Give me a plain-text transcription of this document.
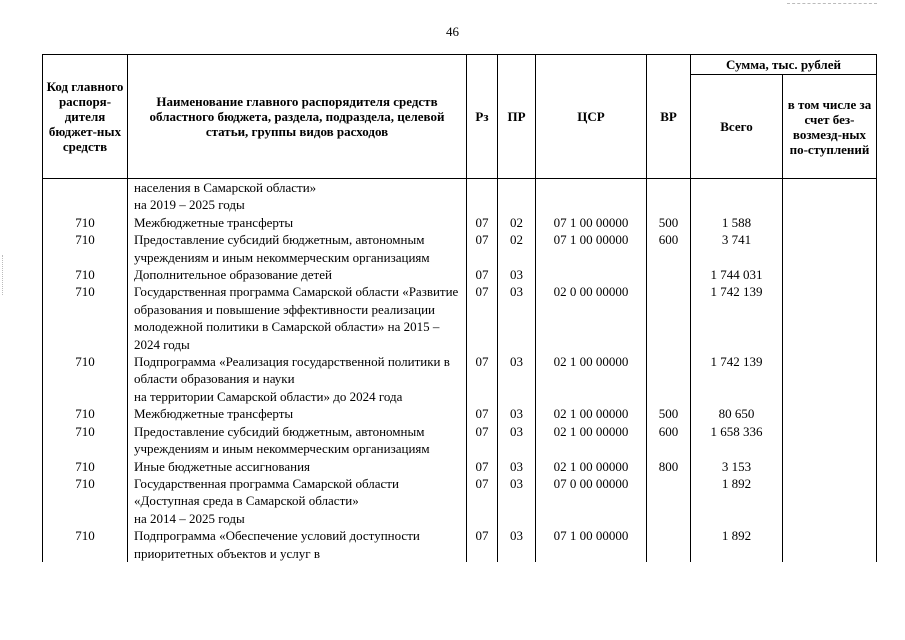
46
Код главного распоря-дителя бюджет-ных средств	Наименование главного распорядителя средств областного бюджета, раздела, подраздела, целевой статьи, группы видов расходов	Рз	ПР	ЦСР	ВР	Сумма, тыс. рублей	
						Всего	в том числе за счет без-возмезд-ных по-ступлений
	населения в Самарской области»
на 2019 – 2025 годы						
710	Межбюджетные трансферты	07	02	07 1 00 00000	500	1 588	
710	Предоставление субсидий бюджетным, автономным учреждениям и иным некоммерческим организациям	07	02	07 1 00 00000	600	3 741	
710	Дополнительное образование детей	07	03			1 744 031	
710	Государственная программа Самарской области «Развитие образования и повышение эффективности реализации молодежной политики в Самарской области» на 2015 – 2024 годы	07	03	02 0 00 00000		1 742 139	
710	Подпрограмма «Реализация государственной политики в области образования и науки
на территории Самарской области» до 2024 года	07	03	02 1 00 00000		1 742 139	
710	Межбюджетные трансферты	07	03	02 1 00 00000	500	80 650	
710	Предоставление субсидий бюджетным, автономным учреждениям и иным некоммерческим организациям	07	03	02 1 00 00000	600	1 658 336	
710	Иные бюджетные ассигнования	07	03	02 1 00 00000	800	3 153	
710	Государственная программа Самарской области «Доступная среда в Самарской области»
на 2014 – 2025 годы	07	03	07 0 00 00000		1 892	
710	Подпрограмма «Обеспечение условий доступности приоритетных объектов и услуг в	07	03	07 1 00 00000		1 892	
